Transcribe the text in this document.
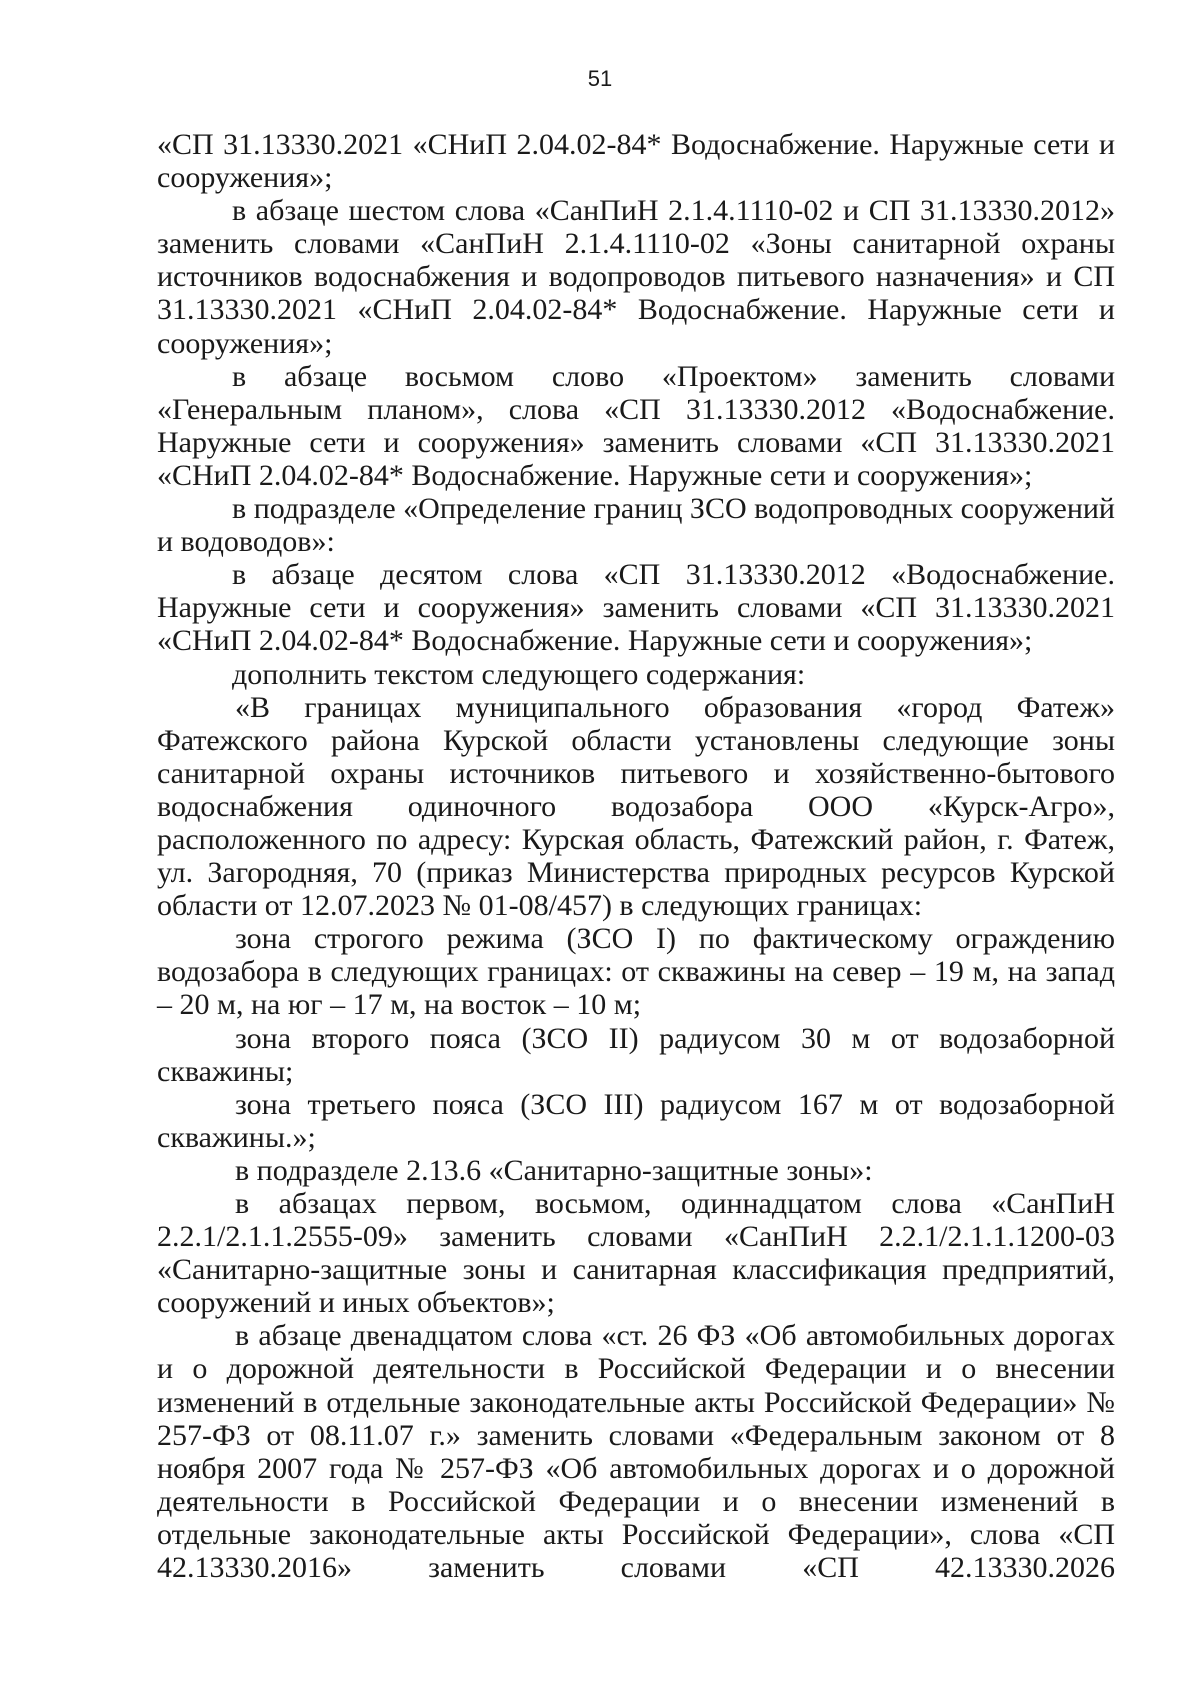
51

«СП 31.13330.2021 «СНиП 2.04.02-84* Водоснабжение. Наружные сети и сооружения»;

в абзаце шестом слова «СанПиН 2.1.4.1110-02 и СП 31.13330.2012» заменить словами «СанПиН 2.1.4.1110-02 «Зоны санитарной охраны источников водоснабжения и водопроводов питьевого назначения» и СП 31.13330.2021 «СНиП 2.04.02-84* Водоснабжение. Наружные сети и сооружения»;

в абзаце восьмом слово «Проектом» заменить словами «Генеральным планом», слова «СП 31.13330.2012 «Водоснабжение. Наружные сети и сооружения» заменить словами «СП 31.13330.2021 «СНиП 2.04.02-84* Водоснабжение. Наружные сети и сооружения»;

в подразделе «Определение границ ЗСО водопроводных сооружений и водоводов»:

в абзаце десятом слова «СП 31.13330.2012 «Водоснабжение. Наружные сети и сооружения» заменить словами «СП 31.13330.2021 «СНиП 2.04.02-84* Водоснабжение. Наружные сети и сооружения»;

дополнить текстом следующего содержания:

«В границах муниципального образования «город Фатеж» Фатежского района Курской области установлены следующие зоны санитарной охраны источников питьевого и хозяйственно-бытового водоснабжения одиночного водозабора ООО «Курск-Агро», расположенного по адресу: Курская область, Фатежский район, г. Фатеж, ул. Загородняя, 70 (приказ Министерства природных ресурсов Курской области от 12.07.2023 № 01-08/457) в следующих границах:

зона строгого режима (ЗСО I) по фактическому ограждению водозабора в следующих границах: от скважины на север – 19 м, на запад – 20 м, на юг – 17 м, на восток – 10 м;

зона второго пояса (ЗСО II) радиусом 30 м от водозаборной скважины;

зона третьего пояса (ЗСО III) радиусом 167 м от водозаборной скважины.»;

в подразделе 2.13.6 «Санитарно-защитные зоны»:

в абзацах первом, восьмом, одиннадцатом слова «СанПиН 2.2.1/2.1.1.2555-09» заменить словами «СанПиН 2.2.1/2.1.1.1200-03 «Санитарно-защитные зоны и санитарная классификация предприятий, сооружений и иных объектов»;

в абзаце двенадцатом слова «ст. 26 ФЗ «Об автомобильных дорогах и о дорожной деятельности в Российской Федерации и о внесении изменений в отдельные законодательные акты Российской Федерации» № 257-ФЗ от 08.11.07 г.» заменить словами «Федеральным законом от 8 ноября 2007 года № 257-ФЗ «Об автомобильных дорогах и о дорожной деятельности в Российской Федерации и о внесении изменений в отдельные законодательные акты Российской Федерации», слова «СП 42.13330.2016» заменить словами «СП 42.13330.2026
